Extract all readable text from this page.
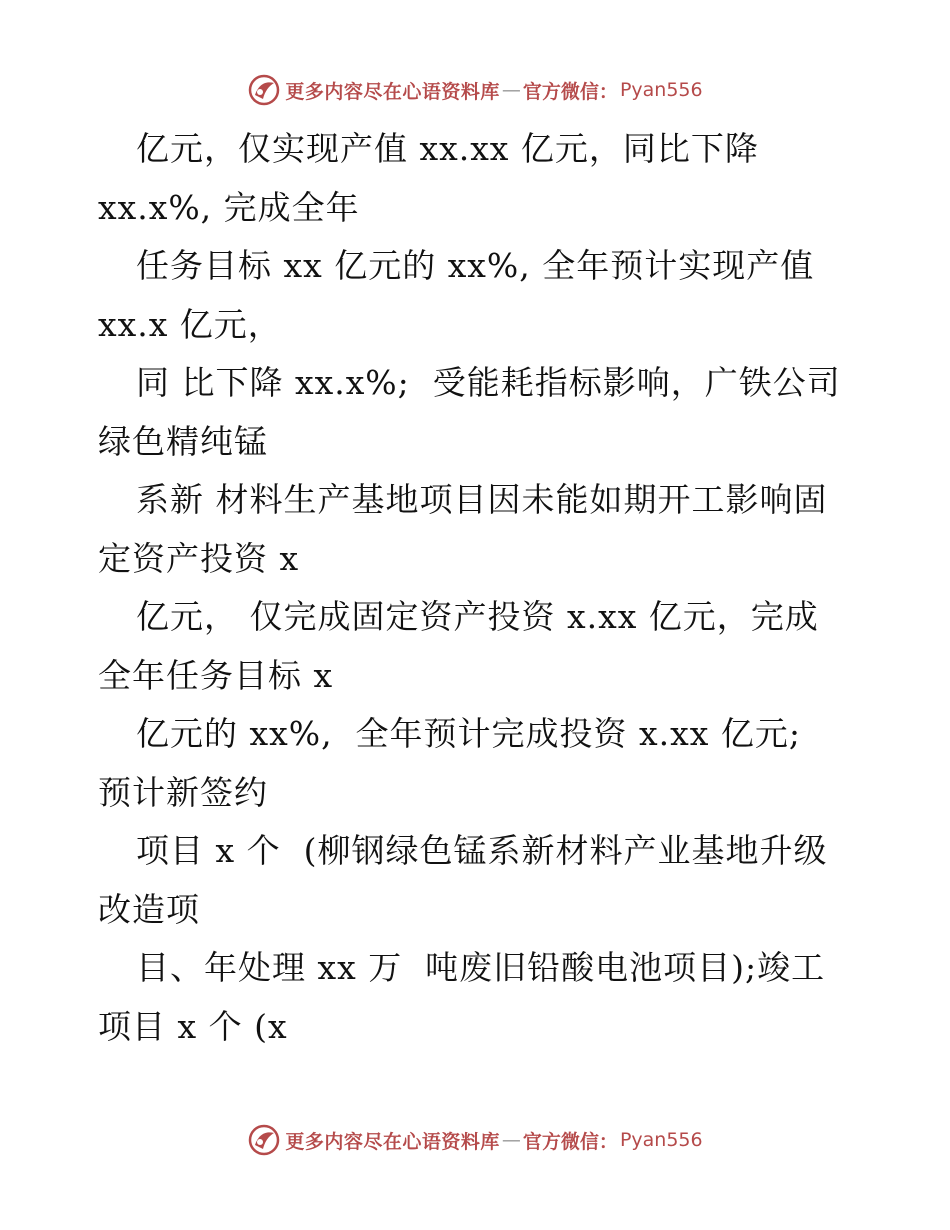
更多内容尽在心语资料库 — 官方微信： Pyan556
亿元，仅实现产值 xx.xx 亿元，同比下降
xx.x%, 完成全年
任务目标 xx 亿元的 xx%, 全年预计实现产值
xx.x 亿元，
同 比下降 xx.x%;  受能耗指标影响，广铁公司
绿色精纯锰
系新 材料生产基地项目因未能如期开工影响固
定资产投资 x
亿元， 仅完成固定资产投资 x.xx 亿元，完成
全年任务目标 x
亿元的 xx%,  全年预计完成投资 x.xx 亿元;
预计新签约
项目 x 个  (柳钢绿色锰系新材料产业基地升级
改造项
目、年处理 xx 万  吨废旧铅酸电池项目);竣工
项目 x 个 (x
更多内容尽在心语资料库 — 官方微信： Pyan556
